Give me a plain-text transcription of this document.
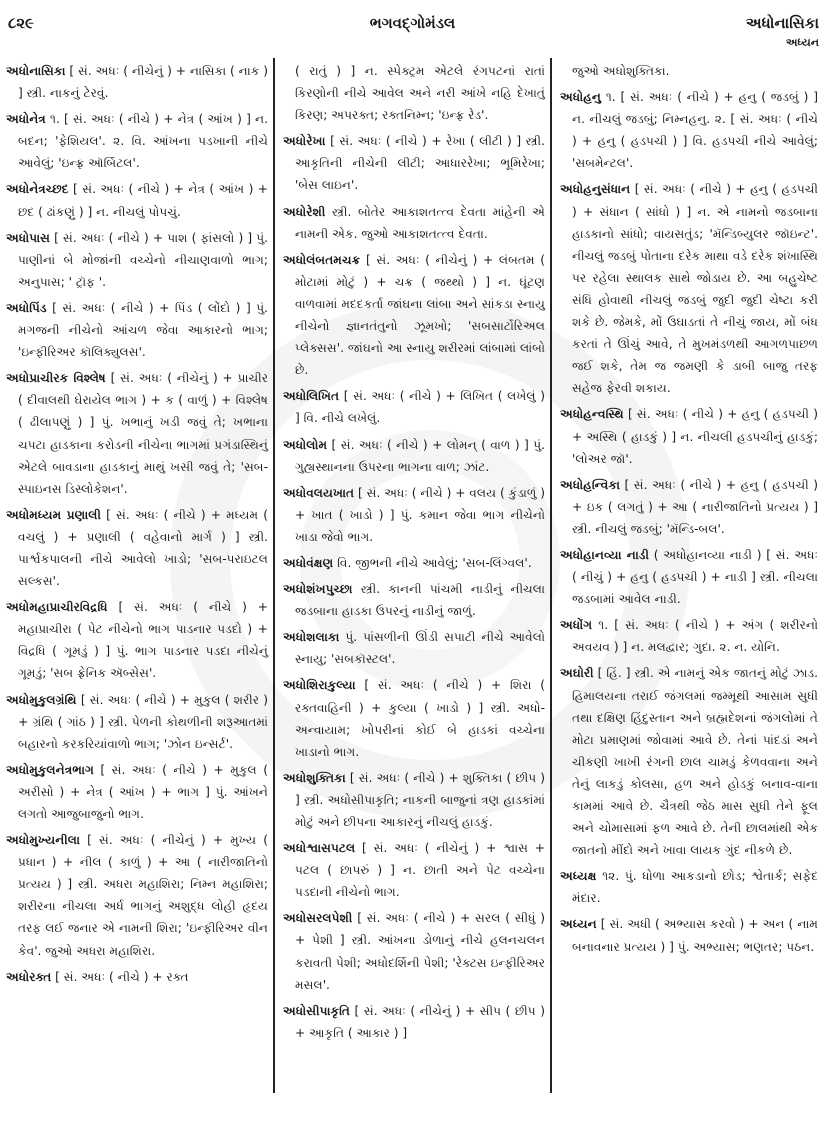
૮૨૯	ભગવદ્ગોમંડલ	અધોનાસિકા
અધ્યન

અધોનાસિકા [ સં. અધઃ ( નીચેનું ) + નાસિકા ( નાક ) ] સ્ત્રી. નાકનું ટેરવું.

અધોનેત્ર ૧. [ સં. અધઃ ( નીચે ) + નેત્ર ( આંખ ) ] ન. બદન; 'ફેશિયલ'. ૨. વિ. આંખના પડખાની નીચે આવેલું; 'ઇન્ફ્ર ઑર્બિટલ'.

અધોનેત્રચ્છદ [ સં. અધઃ ( નીચે ) + નેત્ર ( આંખ ) + છદ ( ઢાંકણું ) ] ન. નીચલું પોપચું.

અધોપાસ [ સં. અધઃ ( નીચે ) + પાશ ( ફાંસલો ) ] પું. પાણીનાં બે મોજાંની વચ્ચેનો નીચાણવાળો ભાગ; અનુપાસ; ' ટ્રૉફ '.

અધોપિંડ [ સં. અધઃ ( નીચે ) + પિંડ ( લોંદો ) ] પું. મગજની નીચેનો આંચળ જેવા આકારનો ભાગ; 'ઇન્ફીરિઅર કૉલિક્યુલસ'.

અધોપ્રાચીરક વિશ્લેષ [ સં. અધઃ ( નીચેનું ) + પ્રાચીર ( દીવાલથી ઘેરાયેલ ભાગ ) + ક ( વાળું ) + વિશ્લેષ ( ઢીલાપણું ) ] પું. ખભાનું ખડી જવું તે; ખભાના ચપટા હાડકાના કરોડની નીચેના ભાગમાં પ્રગંડાસ્થિનું એટલે બાવડાના હાડકાનું માથું ખસી જવું તે; 'સબ-સ્પાઇનસ ડિસ્લોકેશન'.

અધોમધ્યમ પ્રણાલી [ સં. અધઃ ( નીચે ) + મધ્યમ ( વચલું ) + પ્રણાલી ( વહેવાનો માર્ગ ) ] સ્ત્રી. પાર્શ્વકપાલની નીચે આવેલો ખાડો; 'સબ-પરાઇટલ સલ્કસ'.

અધોમહાપ્રાચીરવિદ્રધિ [ સં. અધઃ ( નીચે ) + મહાપ્રાચીરા ( પેટ નીચેનો ભાગ પાડનાર પડદો ) + વિદ્રધિ ( ગૂમડું ) ] પું. ભાગ પાડનાર પડદા નીચેનું ગૂમડું; 'સબ ફ્રેનિક ઍબ્સેસ'.

અધોમુકુલગ્રંથિ [ સં. અધઃ ( નીચે ) + મુકુલ ( શરીર ) + ગ્રંથિ ( ગાંઠ ) ] સ્ત્રી. પેળની કોથળીની શરૂઆતમાં બહારનો કરકરિયાંવાળો ભાગ; 'ઝોન ઇન્સર્ટ'.

અધોમુકુલનેત્રભાગ [ સં. અધઃ ( નીચે ) + મુકુલ ( અરીસો ) + નેત્ર ( આંખ ) + ભાગ ] પું. આંખને લગતો આજુબાજુનો ભાગ.

અધોમુખ્યનીલા [ સં. અધઃ ( નીચેનું ) + મુખ્ય ( પ્રધાન ) + નીલ ( કાળું ) + આ ( નારીજાતિનો પ્રત્યય ) ] સ્ત્રી. અધરા મહાશિરા; નિમ્ન મહાશિરા; શરીરના નીચલા અર્ધ ભાગનું અશુદ્ધ લોહી હૃદય તરફ લઈ જનાર એ નામની શિરા; 'ઇન્ફીરિઅર વીન કેવ'. જુઓ અધરા મહાશિરા.

અધોરક્ત [ સં. અધઃ ( નીચે ) + રક્ત

( રાતું ) ] ન. સ્પેક્ટ્રમ એટલે રંગપટનાં રાતાં કિરણોની નીચે આવેલ અને નરી આંખે નહિ દેખાતું કિરણ; અપરક્ત; રક્તનિમ્ન; 'ઇન્ફ્ર રેડ'.

અધોરેખા [ સં. અધઃ ( નીચે ) + રેખા ( લીટી ) ] સ્ત્રી. આકૃતિની નીચેની લીટી; આધારરેખા; ભૂમિરેખા; 'બેસ લાઇન'.

અધોરેશી સ્ત્રી. બોતેર આકાશતત્ત્વ દેવતા માંહેની એ નામની એક. જુઓ આકાશતત્ત્વ દેવતા.

અધોલંબતમચક્ર [ સં. અધઃ ( નીચેનું ) + લંબતમ ( મોટામાં મોટું ) + ચક્ર ( જથ્થો ) ] ન. ઘૂંટણ વાળવામાં મદદકર્તા જાંઘના લાંબા અને સાંકડા સ્નાયુ નીચેનો જ્ઞાનતંતુનો ઝૂમખો; 'સબસાર્ટોરિઅલ પ્લેક્સસ'. જાંઘનો આ સ્નાયુ શરીરમાં લાંબામાં લાંબો છે.

અધોલિખિત [ સં. અધઃ ( નીચે ) + લિખિત ( લખેલું ) ] વિ. નીચે લખેલું.

અધોલોમ [ સં. અધઃ ( નીચે ) + લોમન્ ( વાળ ) ] પું. ગુહ્યસ્થાનના ઉપરના ભાગના વાળ; ઝાંટ.

અધોવલયખાત [ સં. અધઃ ( નીચે ) + વલય ( કુંડાળું ) + ખાત ( ખાડો ) ] પું. કમાન જેવા ભાગ નીચેનો ખાડા જેવો ભાગ.

અધોવંક્ષણ વિ. જીભની નીચે આવેલું; 'સબ-લિંગ્વલ'.

અધોશંખપુચ્છા સ્ત્રી. કાનની પાંચમી નાડીનું નીચલા જડબાના હાડકા ઉપરનું નાડીનું જાળું.

અધોશલાકા પું. પાંસળીની ઊંડી સપાટી નીચે આવેલો સ્નાયુ; 'સબકૉસ્ટલ'.

અધોશિરાકુલ્યા [ સં. અધઃ ( નીચે ) + શિરા ( રક્તવાહિની ) + કુલ્યા ( ખાડો ) ] સ્ત્રી. અધો-અન્વાયામ; ખોપરીનાં કોઈ બે હાડકાં વચ્ચેના ખાડાનો ભાગ.

અધોશુક્તિકા [ સં. અધઃ ( નીચે ) + શુક્તિકા ( છીપ ) ] સ્ત્રી. અધોસીપાકૃતિ; નાકની બાજુનાં ત્રણ હાડકાંમાં મોટું અને છીપના આકારનું નીચલું હાડકું.

અધોશ્વાસપટલ [ સં. અધઃ ( નીચેનું ) + શ્વાસ + પટલ ( છાપરું ) ] ન. છાતી અને પેટ વચ્ચેના પડદાની નીચેનો ભાગ.

અધોસરલપેશી [ સં. અધઃ ( નીચે ) + સરલ ( સીધું ) + પેશી ] સ્ત્રી. આંખના ડોળાનું નીચે હલનચલન કરાવતી પેશી; અધોદર્શિની પેશી; 'રેક્ટસ ઇન્ફીરિઅર મસલ'.

અધોસીપાકૃતિ [ સં. અધઃ ( નીચેનું ) + સીપ ( છીપ ) + આકૃતિ ( આકાર ) ]

જુઓ અધોશુક્તિકા.

અધોહનુ ૧. [ સં. અધઃ ( નીચે ) + હનુ ( જડબું ) ] ન. નીચલું જડબું; નિમ્નહનુ. ૨. [ સં. અધઃ ( નીચે ) + હનુ ( હડપચી ) ] વિ. હડપચી નીચે આવેલું; 'સબમેન્ટલ'.

અધોહનુસંધાન [ સં. અધઃ ( નીચે ) + હનુ ( હડપચી ) + સંધાન ( સાંધો ) ] ન. એ નામનો જડબાના હાડકાનો સાંધો; વાયસતુંડ; 'મૅન્ડિબ્યુલર જૉઇન્ટ'. નીચલું જડબું પોતાના દરેક માથા વડે દરેક શંખાસ્થિ પર રહેલા સ્થાલક સાથે જોડાય છે. આ બહુચેષ્ટ સંધિ હોવાથી નીચલું જડબું જુદી જુદી ચેષ્ટા કરી શકે છે. જેમકે, મોં ઉઘાડતાં તે નીચું જાય, મોં બંધ કરતાં તે ઊંચું આવે, તે મુખમંડળથી આગળપાછળ જઈ શકે, તેમ જ જમણી કે ડાબી બાજુ તરફ સહેજ ફેરવી શકાય.

અધોહન્વસ્થિ [ સં. અધઃ ( નીચે ) + હનુ ( હડપચી ) + અસ્થિ ( હાડકું ) ] ન. નીચલી હડપચીનું હાડકું; 'લોઅર જૉ'.

અધોહન્વિકા [ સં. અધઃ ( નીચે ) + હનુ ( હડપચી ) + ઇક ( લગતું ) + આ ( નારીજાતિનો પ્રત્યય ) ] સ્ત્રી. નીચલું જડબું; 'મૅન્ડિ-બલ'.

અધોહાનવ્યા નાડી ( અધોહાનવ્યા નાડી ) [ સં. અધઃ ( નીચું ) + હનુ ( હડપચી ) + નાડી ] સ્ત્રી. નીચલા જડબામાં આવેલ નાડી.

અધોંગ ૧. [ સં. અધઃ ( નીચે ) + અંગ ( શરીરનો અવયવ ) ] ન. મલદ્વાર; ગુદા. ૨. ન. યોનિ.

અઘોરી [ હિં. ] સ્ત્રી. એ નામનું એક જાતનું મોટું ઝાડ. હિમાલયના તરાઈ જંગલમાં જમ્મૂથી આસામ સુધી તથા દક્ષિણ હિંદુસ્તાન અને બ્રહ્મદેશનાં જંગલોમાં તે મોટા પ્રમાણમાં જોવામાં આવે છે. તેનાં પાંદડાં અને ચીકણી ખાખી રંગની છાલ ચામડું કેળવવાના અને તેનું લાકડું કોલસા, હળ અને હોડકું બનાવ-વાના કામમાં આવે છે. ચૈત્રથી જેઠ માસ સુધી તેને ફૂલ અને ચોમાસામાં ફળ આવે છે. તેની છાલમાંથી એક જાતનો મીંદો અને ખાવા લાયક ગુંદ નીકળે છે.

અધ્યક્ષ ૧૨. પું. ધોળા આકડાનો છોડ; શ્વેતાર્ક; સફેદ મંદાર.

અધ્યન [ સં. અધી ( અભ્યાસ કરવો ) + અન ( નામ બનાવનાર પ્રત્યય ) ] પું. અભ્યાસ; ભણતર; પઠન.
